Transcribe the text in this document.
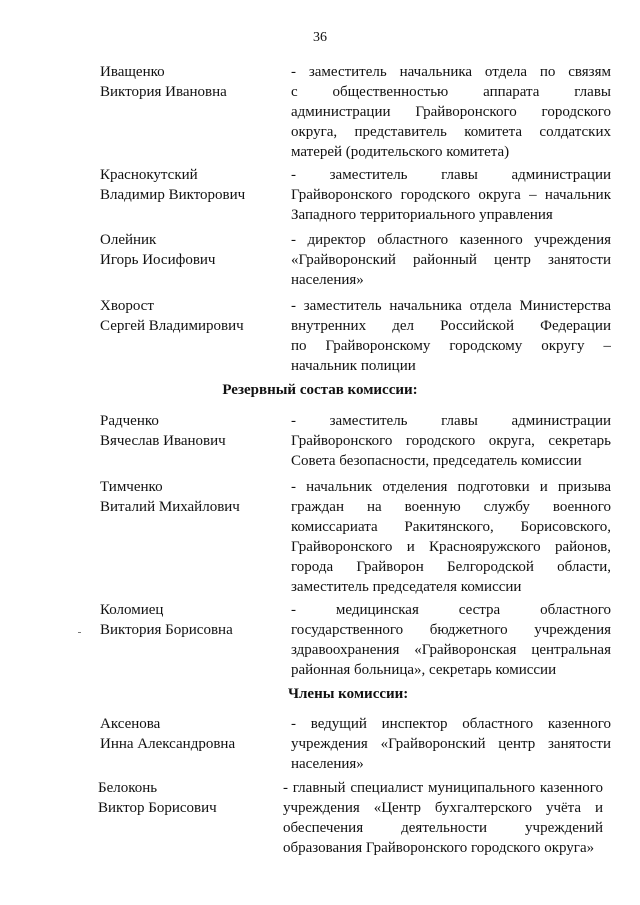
36
Иващенко
Виктория Ивановна
- заместитель начальника отдела по связям
с общественностью аппарата главы
администрации Грайворонского городского
округа, представитель комитета солдатских
матерей (родительского комитета)
Краснокутский
Владимир Викторович
- заместитель главы администрации
Грайворонского городского округа – начальник
Западного территориального управления
Олейник
Игорь Иосифович
- директор областного казенного учреждения
«Грайворонский районный центр занятости
населения»
Хворост
Сергей Владимирович
- заместитель начальника отдела Министерства
внутренних дел Российской Федерации
по Грайворонскому городскому округу –
начальник полиции
Резервный состав комиссии:
Радченко
Вячеслав Иванович
- заместитель главы администрации
Грайворонского городского округа, секретарь
Совета безопасности, председатель комиссии
Тимченко
Виталий Михайлович
- начальник отделения подготовки и призыва
граждан на военную службу военного
комиссариата Ракитянского, Борисовского,
Грайворонского и Краснояружского районов,
города Грайворон Белгородской области,
заместитель председателя комиссии
Коломиец
Виктория Борисовна
- медицинская сестра областного
государственного бюджетного учреждения
здравоохранения «Грайворонская центральная
районная больница», секретарь комиссии
Члены комиссии:
Аксенова
Инна Александровна
- ведущий инспектор областного казенного
учреждения «Грайворонский центр занятости
населения»
Белоконь
Виктор Борисович
- главный специалист муниципального казенного
учреждения «Центр бухгалтерского учёта и
обеспечения деятельности учреждений
образования Грайворонского городского округа»
